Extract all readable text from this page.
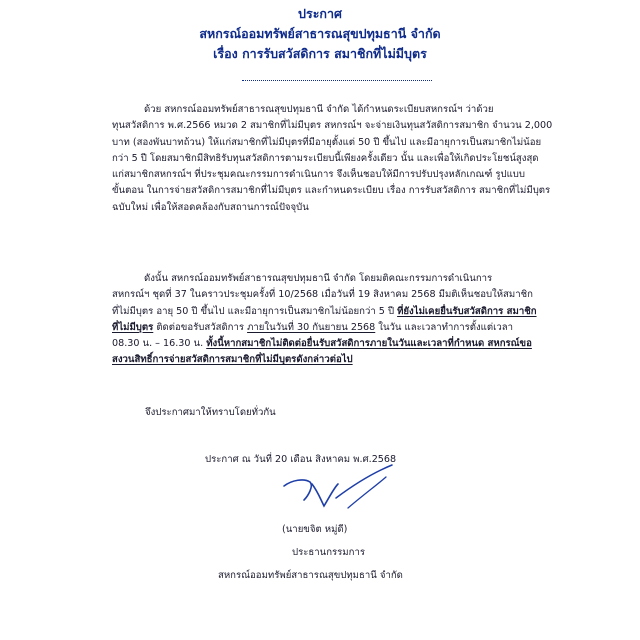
ประกาศ
สหกรณ์ออมทรัพย์สาธารณสุขปทุมธานี จำกัด
เรื่อง การรับสวัสดิการ สมาชิกที่ไม่มีบุตร
ด้วย สหกรณ์ออมทรัพย์สาธารณสุขปทุมธานี จำกัด ได้กำหนดระเบียบสหกรณ์ฯ ว่าด้วย
ทุนสวัสดิการ พ.ศ.2566 หมวด 2 สมาชิกที่ไม่มีบุตร สหกรณ์ฯ จะจ่ายเงินทุนสวัสดิการสมาชิก จำนวน 2,000
บาท (สองพันบาทถ้วน) ให้แก่สมาชิกที่ไม่มีบุตรที่มีอายุตั้งแต่ 50 ปี ขึ้นไป และมีอายุการเป็นสมาชิกไม่น้อย
กว่า 5 ปี โดยสมาชิกมีสิทธิรับทุนสวัสดิการตามระเบียบนี้เพียงครั้งเดียว นั้น และเพื่อให้เกิดประโยชน์สูงสุด
แก่สมาชิกสหกรณ์ฯ ที่ประชุมคณะกรรมการดำเนินการ จึงเห็นชอบให้มีการปรับปรุงหลักเกณฑ์ รูปแบบ
ขั้นตอน ในการจ่ายสวัสดิการสมาชิกที่ไม่มีบุตร และกำหนดระเบียบ เรื่อง การรับสวัสดิการ สมาชิกที่ไม่มีบุตร
ฉบับใหม่ เพื่อให้สอดคล้องกับสถานการณ์ปัจจุบัน
ดังนั้น สหกรณ์ออมทรัพย์สาธารณสุขปทุมธานี จำกัด โดยมติคณะกรรมการดำเนินการ
สหกรณ์ฯ ชุดที่ 37 ในคราวประชุมครั้งที่ 10/2568 เมื่อวันที่ 19 สิงหาคม 2568 มีมติเห็นชอบให้สมาชิก
ที่ไม่มีบุตร อายุ 50 ปี ขึ้นไป และมีอายุการเป็นสมาชิกไม่น้อยกว่า 5 ปี ที่ยังไม่เคยยื่นรับสวัสดิการ สมาชิก
ที่ไม่มีบุตร ติดต่อขอรับสวัสดิการ ภายในวันที่ 30 กันยายน 2568 ในวัน และเวลาทำการตั้งแต่เวลา
08.30 น. – 16.30 น. ทั้งนี้หากสมาชิกไม่ติดต่อยื่นรับสวัสดิการภายในวันและเวลาที่กำหนด สหกรณ์ขอ
สงวนสิทธิ์การจ่ายสวัสดิการสมาชิกที่ไม่มีบุตรดังกล่าวต่อไป
จึงประกาศมาให้ทราบโดยทั่วกัน
ประกาศ ณ วันที่ 20 เดือน สิงหาคม พ.ศ.2568
(นายขจิต หมู่ดี)
ประธานกรรมการ
สหกรณ์ออมทรัพย์สาธารณสุขปทุมธานี จำกัด
